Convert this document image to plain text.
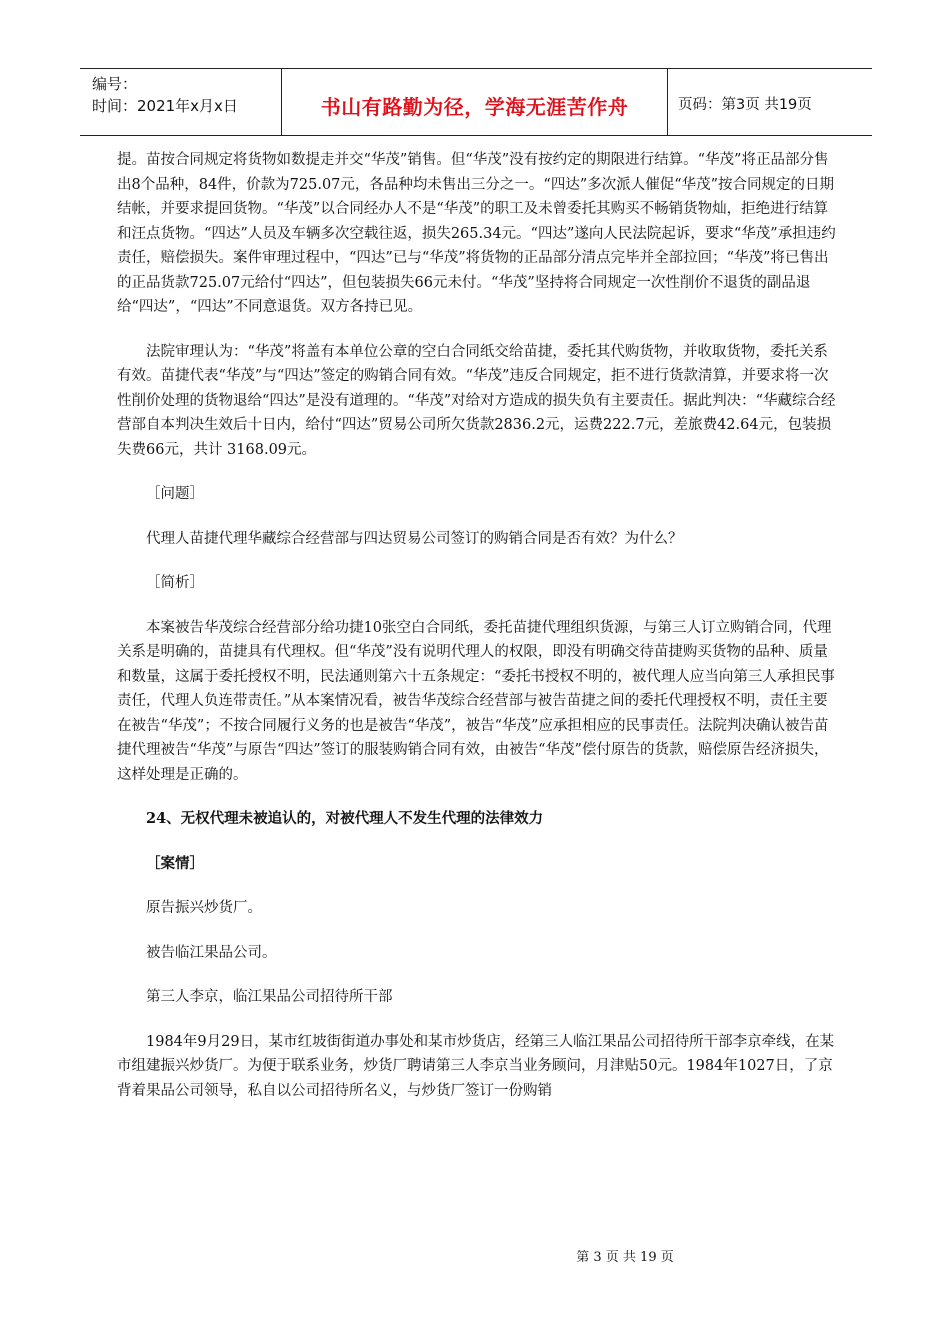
编号：
时间：2021年x月x日	书山有路勤为径，学海无涯苦作舟	页码：第3页 共19页

提。苗按合同规定将货物如数提走并交“华茂”销售。但“华茂”没有按约定的期限进行结算。“华茂”将正品部分售出8个品种，84件，价款为725.07元，各品种均未售出三分之一。“四达”多次派人催促“华茂”按合同规定的日期结帐，并要求提回货物。“华茂”以合同经办人不是“华茂”的职工及未曾委托其购买不畅销货物灿，拒绝进行结算和汪点货物。“四达”人员及车辆多次空载往返，损失265.34元。“四达”遂向人民法院起诉，要求“华茂”承担违约责任，赔偿损失。案件审理过程中，“四达”已与“华茂”将货物的正品部分清点完毕并全部拉回；“华茂”将已售出的正品货款725.07元给付“四达”，但包装损失66元未付。“华茂”坚持将合同规定一次性削价不退货的副品退给“四达”，“四达”不同意退货。双方各持已见。

法院审理认为：“华茂”将盖有本单位公章的空白合同纸交给苗捷，委托其代购货物，并收取货物，委托关系有效。苗捷代表“华茂”与“四达”签定的购销合同有效。“华茂”违反合同规定，拒不进行货款清算，并要求将一次性削价处理的货物退给“四达”是没有道理的。“华茂”对给对方造成的损失负有主要责任。据此判决：“华藏综合经营部自本判决生效后十日内，给付“四达”贸易公司所欠货款2836.2元，运费222.7元，差旅费42.64元，包装损失费66元，共计 3168.09元。

［问题］

代理人苗捷代理华藏综合经营部与四达贸易公司签订的购销合同是否有效？为什么？

［简析］

本案被告华茂综合经营部分给功捷10张空白合同纸，委托苗捷代理组织货源，与第三人订立购销合同，代理关系是明确的，苗捷具有代理权。但“华茂”没有说明代理人的权限，即没有明确交待苗捷购买货物的品种、质量和数量，这属于委托授权不明，民法通则第六十五条规定：“委托书授权不明的，被代理人应当向第三人承担民事责任，代理人负连带责任。”从本案情况看，被告华茂综合经营部与被告苗捷之间的委托代理授权不明，责任主要在被告“华茂”；不按合同履行义务的也是被告“华茂”，被告“华茂”应承担相应的民事责任。法院判决确认被告苗捷代理被告“华茂”与原告“四达”签订的服装购销合同有效，由被告“华茂”偿付原告的货款，赔偿原告经济损失，这样处理是正确的。

24、无权代理未被追认的，对被代理人不发生代理的法律效力

［案情］

原告振兴炒货厂。

被告临江果品公司。

第三人李京，临江果品公司招待所干部

1984年9月29日，某市红坡街街道办事处和某市炒货店，经第三人临江果品公司招待所干部李京牵线，在某市组建振兴炒货厂。为便于联系业务，炒货厂聘请第三人李京当业务顾问，月津贴50元。1984年1027日，了京背着果品公司领导，私自以公司招待所名义，与炒货厂签订一份购销

第 3 页 共 19 页
